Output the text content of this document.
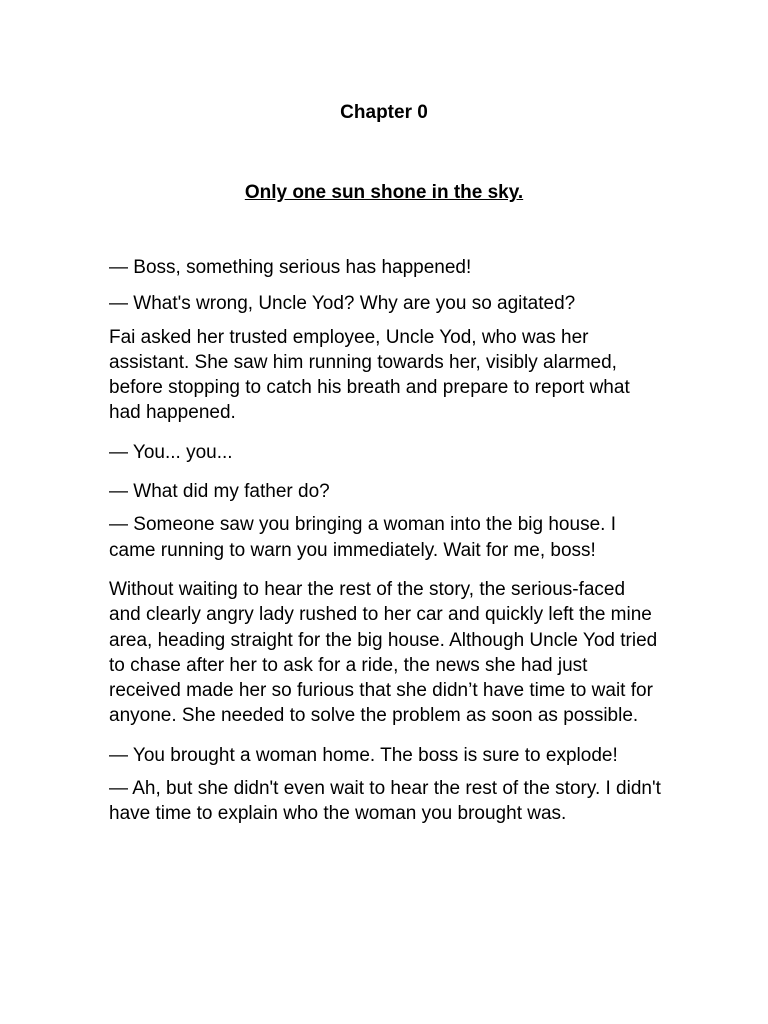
Chapter 0
Only one sun shone in the sky.

— Boss, something serious has happened!

— What's wrong, Uncle Yod? Why are you so agitated?

Fai asked her trusted employee, Uncle Yod, who was her assistant. She saw him running towards her, visibly alarmed, before stopping to catch his breath and prepare to report what had happened.

— You... you...

— What did my father do?

— Someone saw you bringing a woman into the big house. I came running to warn you immediately. Wait for me, boss!

Without waiting to hear the rest of the story, the serious-faced and clearly angry lady rushed to her car and quickly left the mine area, heading straight for the big house. Although Uncle Yod tried to chase after her to ask for a ride, the news she had just received made her so furious that she didn’t have time to wait for anyone. She needed to solve the problem as soon as possible.

— You brought a woman home. The boss is sure to explode!

— Ah, but she didn't even wait to hear the rest of the story. I didn't have time to explain who the woman you brought was.
